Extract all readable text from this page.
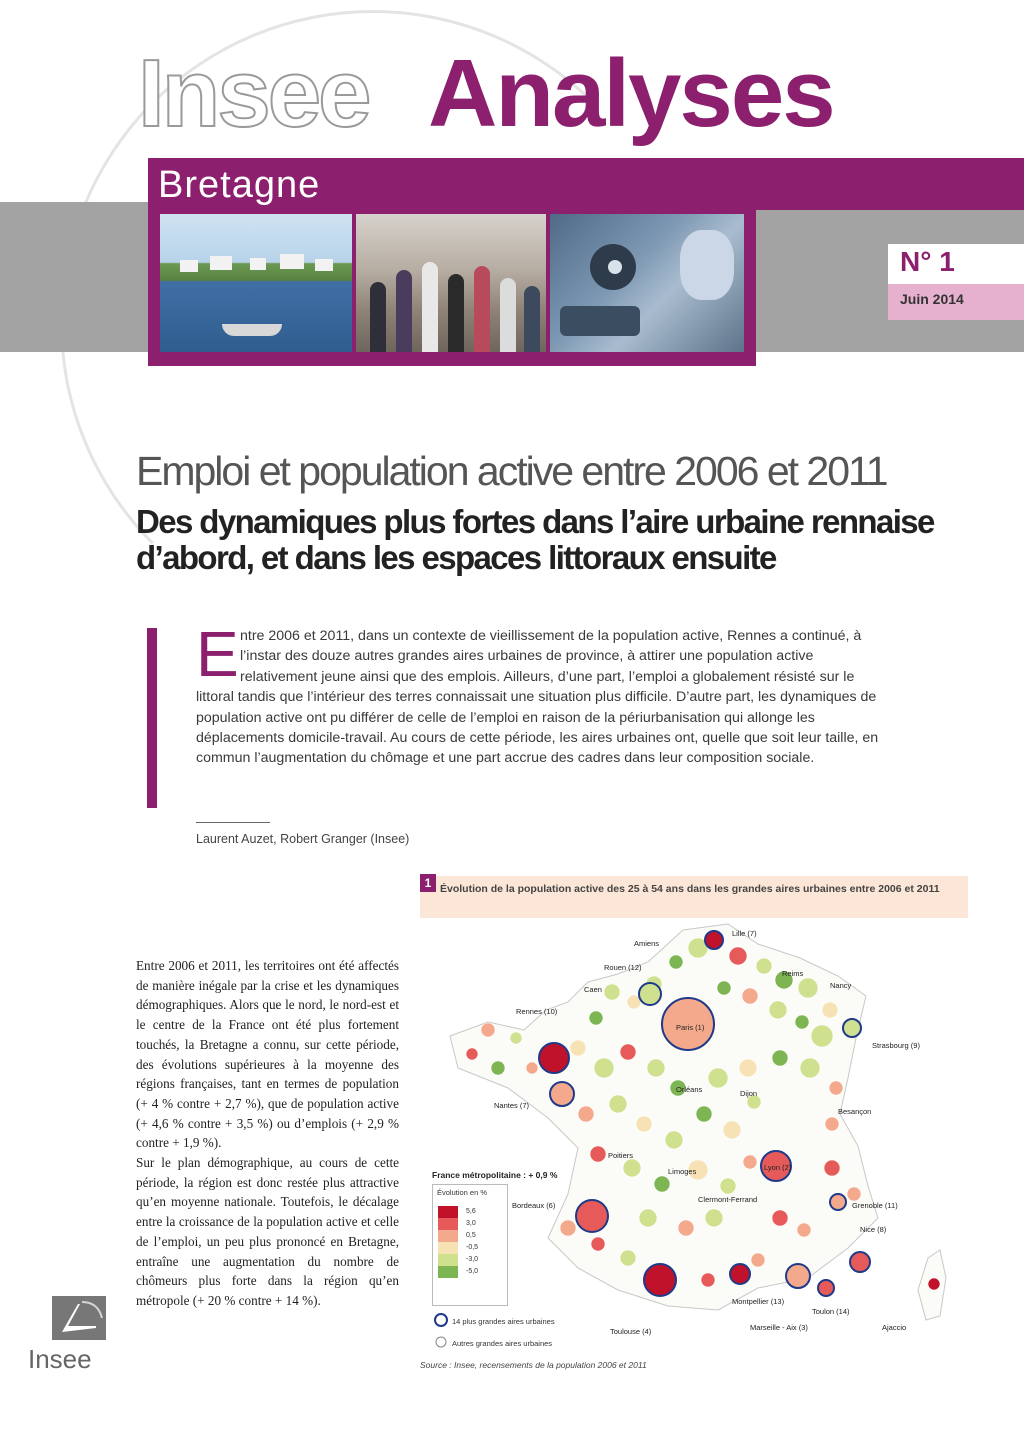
Insee Analyses
Bretagne
N° 1
Juin 2014
Emploi et population active entre 2006 et 2011
Des dynamiques plus fortes dans l’aire urbaine rennaise d’abord, et dans les espaces littoraux ensuite
E ntre 2006 et 2011, dans un contexte de vieillissement de la population active, Rennes a continué, à l’instar des douze autres grandes aires urbaines de province, à attirer une population active relativement jeune ainsi que des emplois. Ailleurs, d’une part, l’emploi a globalement résisté sur le littoral tandis que l’intérieur des terres connaissait une situation plus difficile. D’autre part, les dynamiques de population active ont pu différer de celle de l’emploi en raison de la périurbanisation qui allonge les déplacements domicile-travail. Au cours de cette période, les aires urbaines ont, quelle que soit leur taille, en commun l’augmentation du chômage et une part accrue des cadres dans leur composition sociale.
Laurent Auzet, Robert Granger (Insee)

Entre 2006 et 2011, les territoires ont été affectés de manière inégale par la crise et les dynamiques démographiques. Alors que le nord, le nord-est et le centre de la France ont été plus fortement touchés, la Bretagne a connu, sur cette période, des évolutions supérieures à la moyenne des régions françaises, tant en termes de population (+ 4 % contre + 2,7 %), que de population active (+ 4,6 % contre + 3,5 %) ou d’emplois (+ 2,9 % contre + 1,9 %).

Sur le plan démographique, au cours de cette période, la région est donc restée plus attractive qu’en moyenne nationale. Toutefois, le décalage entre la croissance de la population active et celle de l’emploi, un peu plus prononcé en Bretagne, entraîne une augmentation du nombre de chômeurs plus forte dans la région qu’en métropole (+ 20 % contre + 14 %).

Insee
1 Évolution de la population active des 25 à 54 ans dans les grandes aires urbaines entre 2006 et 2011
Lille (7)
Amiens
Rouen (12)
Caen
Reims
Nancy
Rennes (10)
Paris (1)
Strasbourg (9)
Orléans	Dijon
Nantes (7)
Besançon
Poitiers
Limoges	Lyon (2)
Clermont-Ferrand
Bordeaux (6)	Grenoble (11)
Nice (8)
Montpellier (13)
Toulon (14)
Toulouse (4)	Marseille - Aix (3)	Ajaccio
France métropolitaine : + 0,9 %
Évolution en %
5,6
3,0
0,5
-0,5
-3,0
-5,0
14 plus grandes aires urbaines
Autres grandes aires urbaines
Source : Insee, recensements de la population 2006 et 2011
